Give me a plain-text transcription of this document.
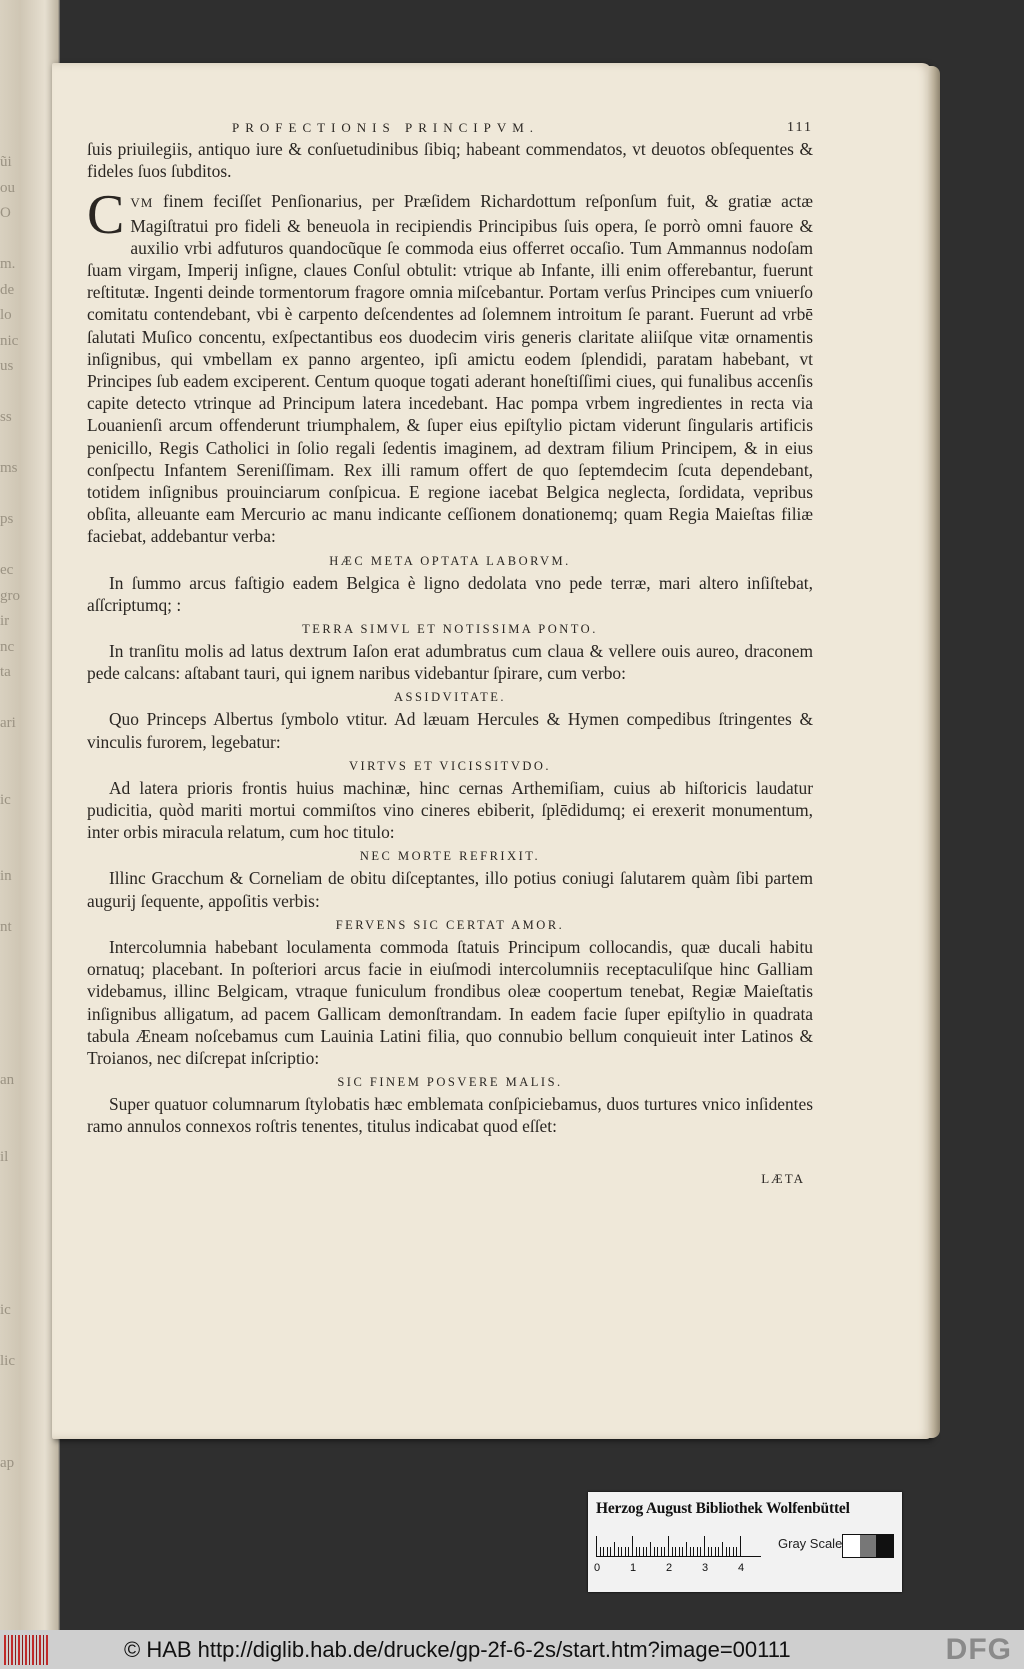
ũi
ou
O

m.
de
lo
nic
us

ss

ms

ps

ec
gro
ir
nc
ta

ari

ic

in

nt

an

il

ic

lic

ap
PROFECTIONIS PRINCIPVM.	111

ſuis priuilegiis, antiquo iure & conſuetudinibus ſibiq; habeant commendatos, vt deuotos obſequentes & fideles ſuos ſubditos.

CVM finem feciſſet Penſionarius, per Præſidem Richardottum reſponſum fuit, & gratiæ actæ Magiſtratui pro fideli & beneuola in recipiendis Principibus ſuis opera, ſe porrò omni fauore & auxilio vrbi adfuturos quandocũque ſe commoda eius offerret occaſio. Tum Ammannus nodoſam ſuam virgam, Imperij inſigne, claues Conſul obtulit: vtrique ab Infante, illi enim offerebantur, fuerunt reſtitutæ. Ingenti deinde tormentorum fragore omnia miſcebantur. Portam verſus Principes cum vniuerſo comitatu contendebant, vbi è carpento deſcendentes ad ſolemnem introitum ſe parant. Fuerunt ad vrbē ſalutati Muſico concentu, exſpectantibus eos duodecim viris generis claritate aliiſque vitæ ornamentis inſignibus, qui vmbellam ex panno argenteo, ipſi amictu eodem ſplendidi, paratam habebant, vt Principes ſub eadem exciperent. Centum quoque togati aderant honeſtiſſimi ciues, qui funalibus accenſis capite detecto vtrinque ad Principum latera incedebant. Hac pompa vrbem ingredientes in recta via Louanienſi arcum offenderunt triumphalem, & ſuper eius epiſtylio pictam viderunt ſingularis artificis penicillo, Regis Catholici in ſolio regali ſedentis imaginem, ad dextram filium Principem, & in eius conſpectu Infantem Sereniſſimam. Rex illi ramum offert de quo ſeptemdecim ſcuta dependebant, totidem inſignibus prouinciarum conſpicua. E regione iacebat Belgica neglecta, ſordidata, vepribus obſita, alleuante eam Mercurio ac manu indicante ceſſionem donationemq; quam Regia Maieſtas filiæ faciebat, addebantur verba:

HÆC META OPTATA LABORVM.

In ſummo arcus faſtigio eadem Belgica è ligno dedolata vno pede terræ, mari altero inſiſtebat, aſſcriptumq; :

TERRA SIMVL ET NOTISSIMA PONTO.

In tranſitu molis ad latus dextrum Iaſon erat adumbratus cum claua & vellere ouis aureo, draconem pede calcans: aſtabant tauri, qui ignem naribus videbantur ſpirare, cum verbo:

ASSIDVITATE.

Quo Princeps Albertus ſymbolo vtitur. Ad læuam Hercules & Hymen compedibus ſtringentes & vinculis furorem, legebatur:

VIRTVS ET VICISSITVDO.

Ad latera prioris frontis huius machinæ, hinc cernas Arthemiſiam, cuius ab hiſtoricis laudatur pudicitia, quòd mariti mortui commiſtos vino cineres ebiberit, ſplēdidumq; ei erexerit monumentum, inter orbis miracula relatum, cum hoc titulo:

NEC MORTE REFRIXIT.

Illinc Gracchum & Corneliam de obitu diſceptantes, illo potius coniugi ſalutarem quàm ſibi partem augurij ſequente, appoſitis verbis:

FERVENS SIC CERTAT AMOR.

Intercolumnia habebant loculamenta commoda ſtatuis Principum collocandis, quæ ducali habitu ornatuq; placebant. In poſteriori arcus facie in eiuſmodi intercolumniis receptaculiſque hinc Galliam videbamus, illinc Belgicam, vtraque funiculum frondibus oleæ coopertum tenebat, Regiæ Maieſtatis inſignibus alligatum, ad pacem Gallicam demonſtrandam. In eadem facie ſuper epiſtylio in quadrata tabula Æneam noſcebamus cum Lauinia Latini filia, quo connubio bellum conquieuit inter Latinos & Troianos, nec diſcrepat inſcriptio:

SIC FINEM POSVERE MALIS.

Super quatuor columnarum ſtylobatis hæc emblemata conſpiciebamus, duos turtures vnico inſidentes ramo annulos connexos roſtris tenentes, titulus indicabat quod eſſet:

LÆTA
Herzog August Bibliothek Wolfenbüttel
0	1	2	3	4
Gray Scale
© HAB http://diglib.hab.de/drucke/gp-2f-6-2s/start.htm?image=00111	DFG
